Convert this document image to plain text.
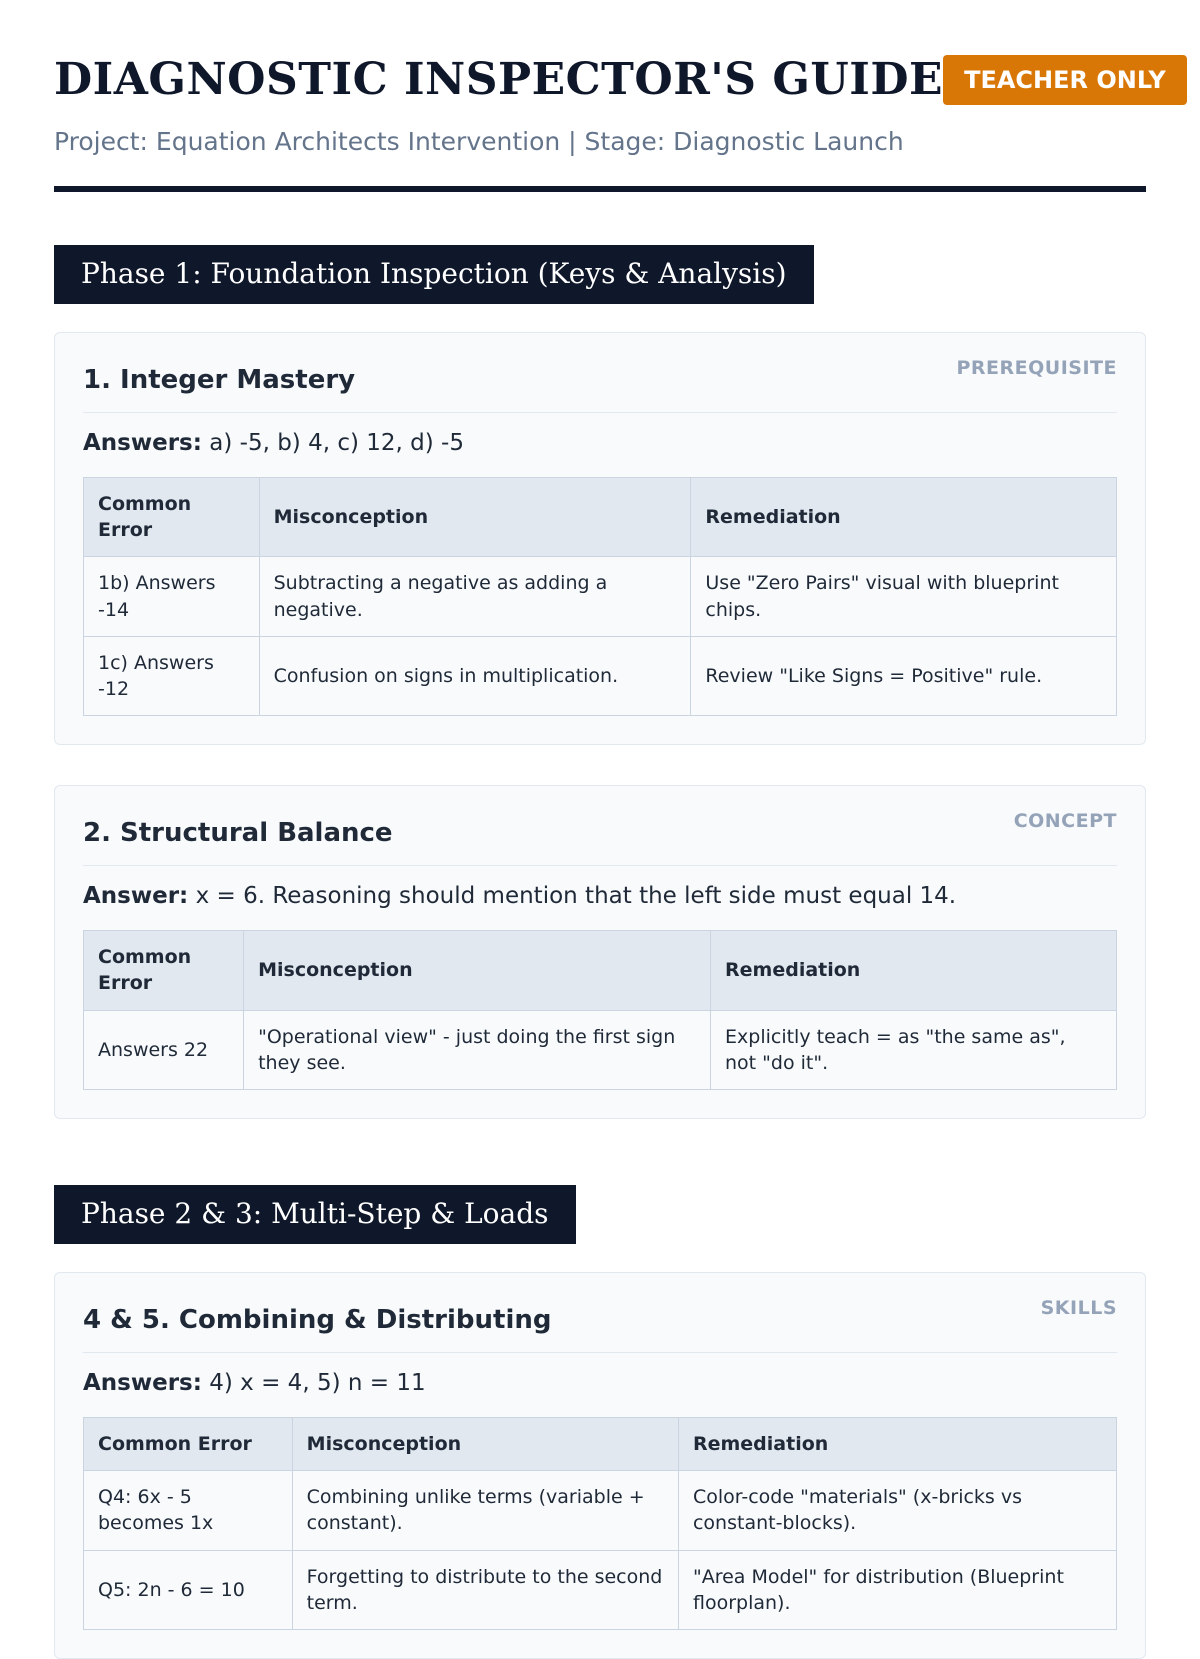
DIAGNOSTIC INSPECTOR'S GUIDE TEACHER ONLY
Project: Equation Architects Intervention | Stage: Diagnostic Launch
Phase 1: Foundation Inspection (Keys & Analysis)
1. Integer Mastery	PREREQUISITE

Answers: a) -5, b) 4, c) 12, d) -5

Common Error	Misconception	Remediation
1b) Answers -14	Subtracting a negative as adding a negative.	Use "Zero Pairs" visual with blueprint chips.
1c) Answers -12	Confusion on signs in multiplication.	Review "Like Signs = Positive" rule.
2. Structural Balance	CONCEPT

Answer: x = 6. Reasoning should mention that the left side must equal 14.

Common Error	Misconception	Remediation
Answers 22	"Operational view" - just doing the first sign they see.	Explicitly teach = as "the same as", not "do it".
Phase 2 & 3: Multi-Step & Loads
4 & 5. Combining & Distributing	SKILLS

Answers: 4) x = 4, 5) n = 11

Common Error	Misconception	Remediation
Q4: 6x - 5 becomes 1x	Combining unlike terms (variable + constant).	Color-code "materials" (x-bricks vs constant-blocks).
Q5: 2n - 6 = 10	Forgetting to distribute to the second term.	"Area Model" for distribution (Blueprint floorplan).
